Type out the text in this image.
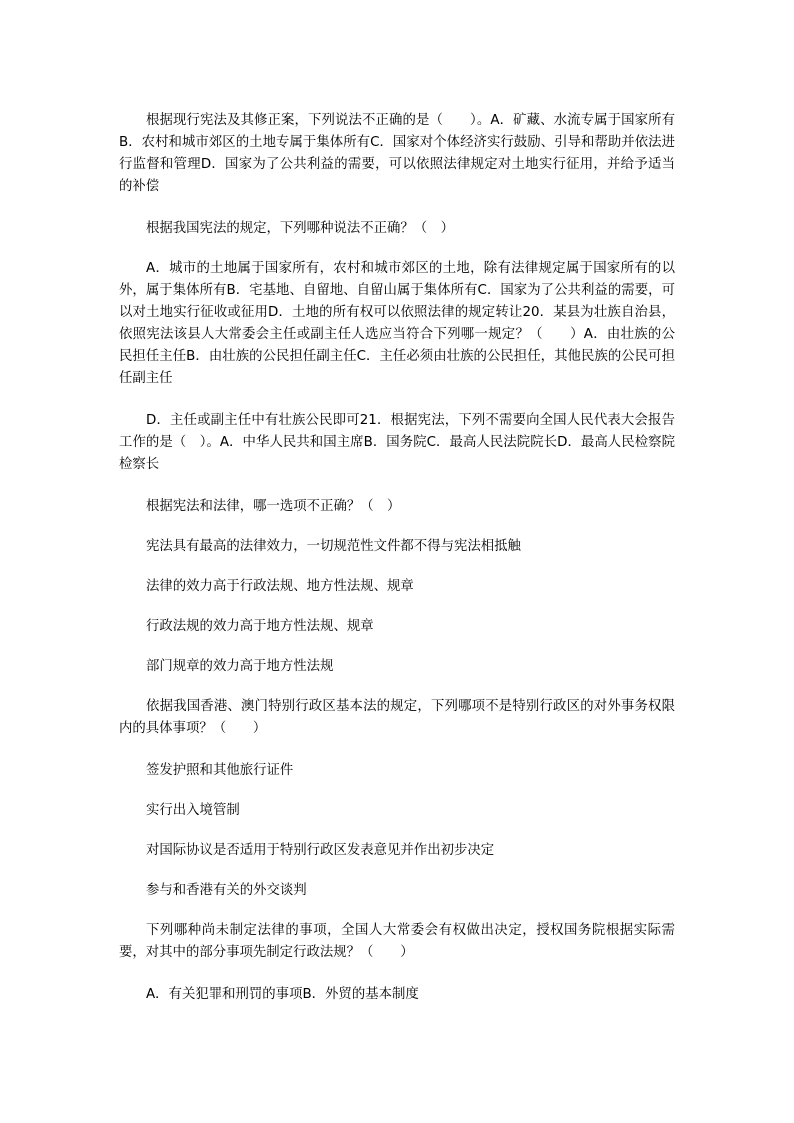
根据现行宪法及其修正案，下列说法不正确的是（　　）。A．矿藏、水流专属于国家所有B．农村和城市郊区的土地专属于集体所有C．国家对个体经济实行鼓励、引导和帮助并依法进行监督和管理D．国家为了公共利益的需要，可以依照法律规定对土地实行征用，并给予适当的补偿

根据我国宪法的规定，下列哪种说法不正确？（　）

A．城市的土地属于国家所有，农村和城市郊区的土地，除有法律规定属于国家所有的以外，属于集体所有B．宅基地、自留地、自留山属于集体所有C．国家为了公共利益的需要，可以对土地实行征收或征用D．土地的所有权可以依照法律的规定转让20．某县为壮族自治县，依照宪法该县人大常委会主任或副主任人选应当符合下列哪一规定？（　　）A．由壮族的公民担任主任B．由壮族的公民担任副主任C．主任必须由壮族的公民担任，其他民族的公民可担任副主任

D．主任或副主任中有壮族公民即可21．根据宪法，下列不需要向全国人民代表大会报告工作的是（　）。A．中华人民共和国主席B．国务院C．最高人民法院院长D．最高人民检察院检察长

根据宪法和法律，哪一选项不正确？（　）

宪法具有最高的法律效力，一切规范性文件都不得与宪法相抵触

法律的效力高于行政法规、地方性法规、规章

行政法规的效力高于地方性法规、规章

部门规章的效力高于地方性法规

依据我国香港、澳门特别行政区基本法的规定，下列哪项不是特别行政区的对外事务权限内的具体事项？（　　）

签发护照和其他旅行证件

实行出入境管制

对国际协议是否适用于特别行政区发表意见并作出初步决定

参与和香港有关的外交谈判

下列哪种尚未制定法律的事项，全国人大常委会有权做出决定，授权国务院根据实际需要，对其中的部分事项先制定行政法规？（　　）

A．有关犯罪和刑罚的事项B．外贸的基本制度
